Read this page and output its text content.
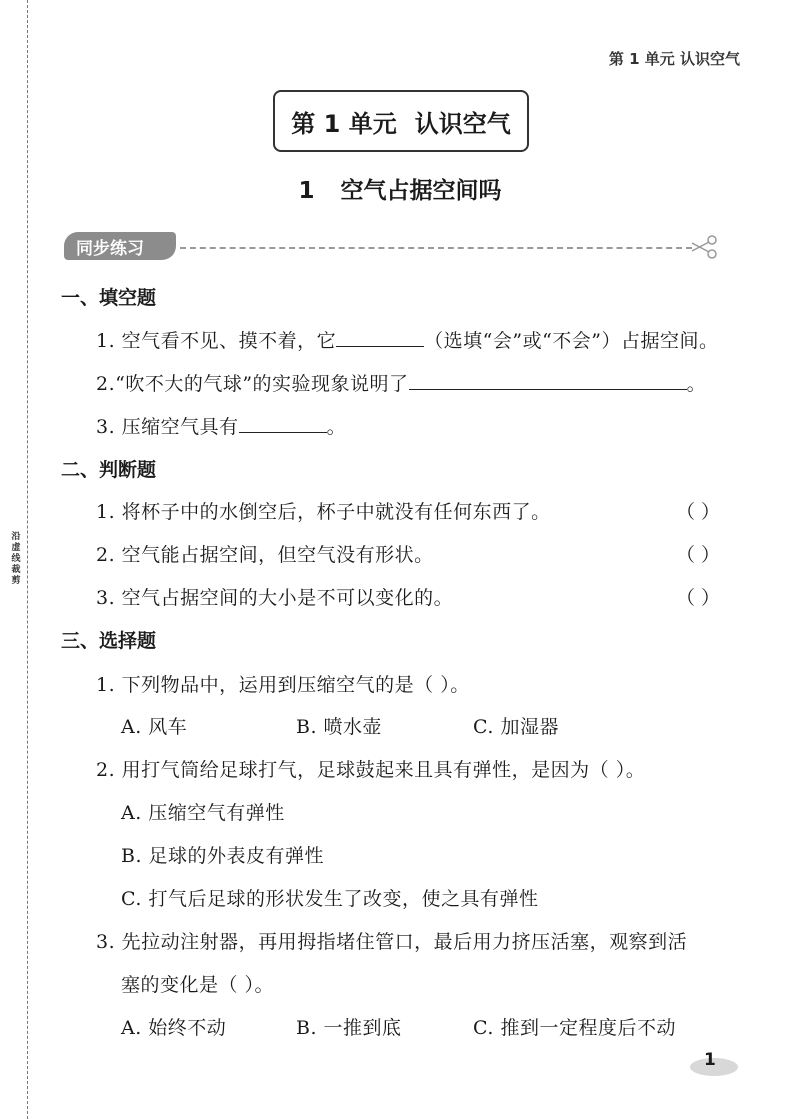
沿虚线裁剪
第 1 单元 认识空气
第 1 单元 认识空气
1 空气占据空间吗
同步练习
一、填空题
1. 空气看不见、摸不着，它	（选填“会”或“不会”）占据空间。
2.“吹不大的气球”的实验现象说明了	。
3. 压缩空气具有	。
二、判断题
1. 将杯子中的水倒空后，杯子中就没有任何东西了。	（ ）
2. 空气能占据空间，但空气没有形状。	（ ）
3. 空气占据空间的大小是不可以变化的。	（ ）
三、选择题
1. 下列物品中，运用到压缩空气的是（ ）。
A. 风车	B. 喷水壶	C. 加湿器
2. 用打气筒给足球打气，足球鼓起来且具有弹性，是因为（ ）。
A. 压缩空气有弹性
B. 足球的外表皮有弹性
C. 打气后足球的形状发生了改变，使之具有弹性
3. 先拉动注射器，再用拇指堵住管口，最后用力挤压活塞，观察到活
塞的变化是（ ）。
A. 始终不动	B. 一推到底	C. 推到一定程度后不动
1
